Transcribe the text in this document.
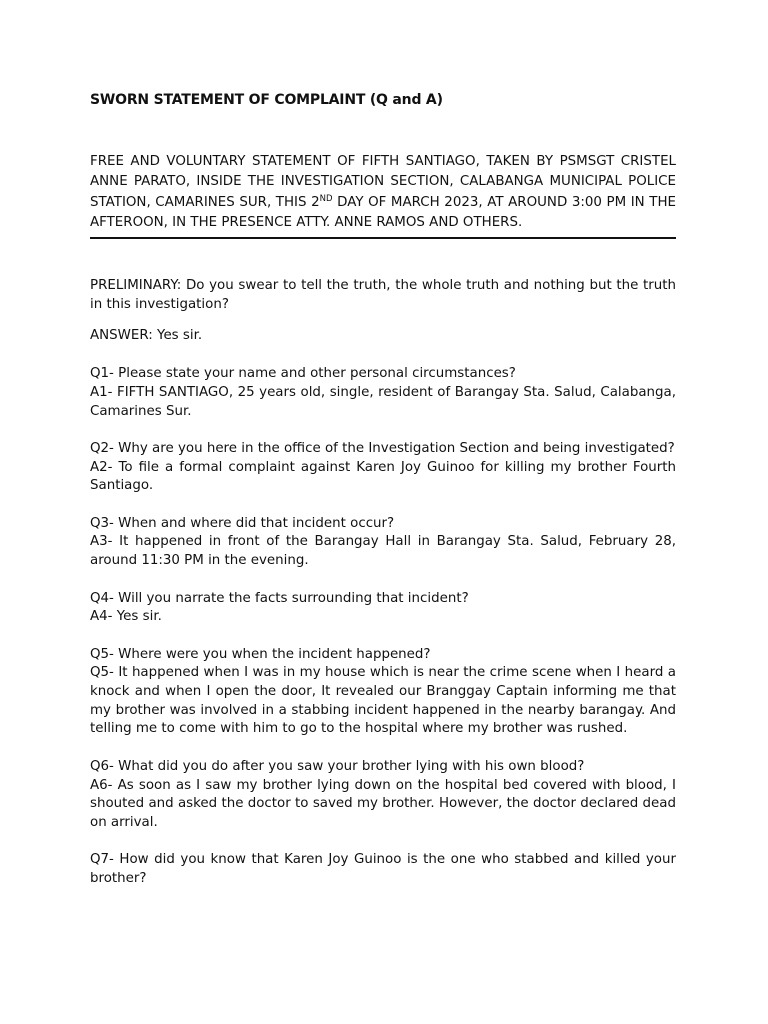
SWORN STATEMENT OF COMPLAINT (Q and A)

FREE AND VOLUNTARY STATEMENT OF FIFTH SANTIAGO, TAKEN BY PSMSGT CRISTEL ANNE PARATO, INSIDE THE INVESTIGATION SECTION, CALABANGA MUNICIPAL POLICE STATION, CAMARINES SUR, THIS 2ND DAY OF MARCH 2023, AT AROUND 3:00 PM IN THE AFTEROON, IN THE PRESENCE ATTY. ANNE RAMOS AND OTHERS.

PRELIMINARY: Do you swear to tell the truth, the whole truth and nothing but the truth in this investigation?

ANSWER: Yes sir.

Q1- Please state your name and other personal circumstances?
A1- FIFTH SANTIAGO, 25 years old, single, resident of Barangay Sta. Salud, Calabanga, Camarines Sur.
Q2- Why are you here in the office of the Investigation Section and being investigated?
A2- To file a formal complaint against Karen Joy Guinoo for killing my brother Fourth Santiago.
Q3- When and where did that incident occur?
A3- It happened in front of the Barangay Hall in Barangay Sta. Salud, February 28, around 11:30 PM in the evening.
Q4- Will you narrate the facts surrounding that incident?
A4- Yes sir.
Q5- Where were you when the incident happened?
Q5- It happened when I was in my house which is near the crime scene when I heard a knock and when I open the door, It revealed our Branggay Captain informing me that my brother was involved in a stabbing incident happened in the nearby barangay. And telling me to come with him to go to the hospital where my brother was rushed.
Q6- What did you do after you saw your brother lying with his own blood?
A6- As soon as I saw my brother lying down on the hospital bed covered with blood, I shouted and asked the doctor to saved my brother. However, the doctor declared dead on arrival.
Q7- How did you know that Karen Joy Guinoo is the one who stabbed and killed your brother?
